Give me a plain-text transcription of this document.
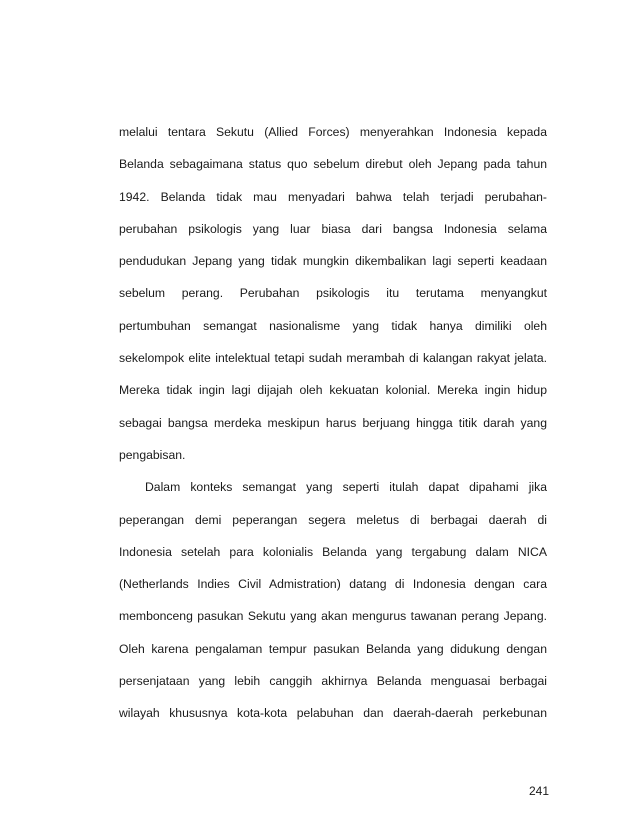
melalui tentara Sekutu (Allied Forces) menyerahkan Indonesia kepada
Belanda sebagaimana status quo sebelum direbut oleh Jepang pada tahun
1942. Belanda tidak mau menyadari bahwa telah terjadi perubahan-
perubahan psikologis yang luar biasa dari bangsa Indonesia selama
pendudukan Jepang yang tidak mungkin dikembalikan lagi seperti keadaan
sebelum perang. Perubahan psikologis itu terutama menyangkut
pertumbuhan semangat nasionalisme yang tidak hanya dimiliki oleh
sekelompok elite intelektual tetapi sudah merambah di kalangan rakyat jelata.
Mereka tidak ingin lagi dijajah oleh kekuatan kolonial. Mereka ingin hidup
sebagai bangsa merdeka meskipun harus berjuang hingga titik darah yang
pengabisan.
Dalam konteks semangat yang seperti itulah dapat dipahami jika
peperangan demi peperangan segera meletus di berbagai daerah di
Indonesia setelah para kolonialis Belanda yang tergabung dalam NICA
(Netherlands Indies Civil Admistration) datang di Indonesia dengan cara
membonceng pasukan Sekutu yang akan mengurus tawanan perang Jepang.
Oleh karena pengalaman tempur pasukan Belanda yang didukung dengan
persenjataan yang lebih canggih akhirnya Belanda menguasai berbagai
wilayah khususnya kota-kota pelabuhan dan daerah-daerah perkebunan
241
